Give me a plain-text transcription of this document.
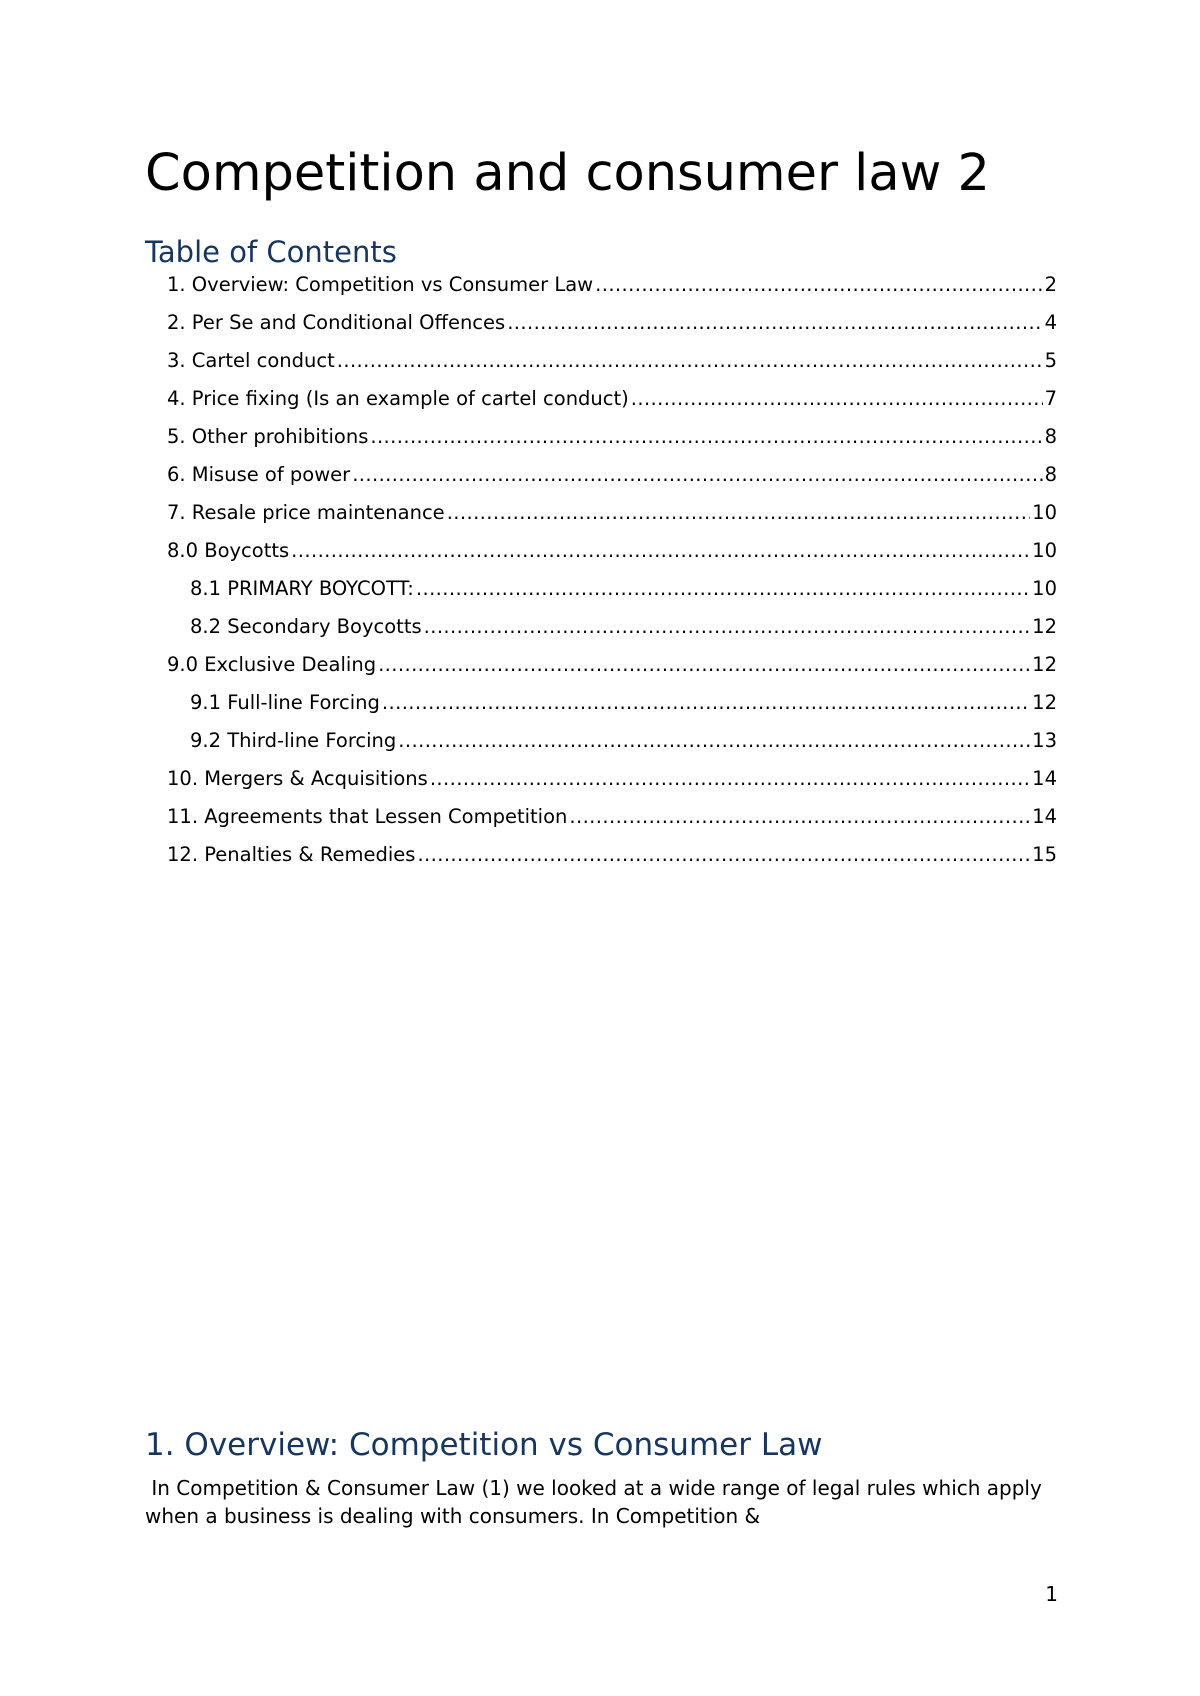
Competition and consumer law 2
Table of Contents
1. Overview: Competition vs Consumer Law .....	2
2. Per Se and Conditional Offences .....	4
3. Cartel conduct .....	5
4. Price fixing (Is an example of cartel conduct) .....	7
5. Other prohibitions .....	8
6. Misuse of power .....	8
7. Resale price maintenance .....	10
8.0 Boycotts .....	10
8.1 PRIMARY BOYCOTT: .....	10
8.2 Secondary Boycotts .....	12
9.0 Exclusive Dealing .....	12
9.1 Full-line Forcing .....	12
9.2 Third-line Forcing .....	13
10. Mergers & Acquisitions .....	14
11. Agreements that Lessen Competition .....	14
12. Penalties & Remedies .....	15
1. Overview: Competition vs Consumer Law

In Competition & Consumer Law (1) we looked at a wide range of legal rules which apply when a business is dealing with consumers. In Competition &

1
